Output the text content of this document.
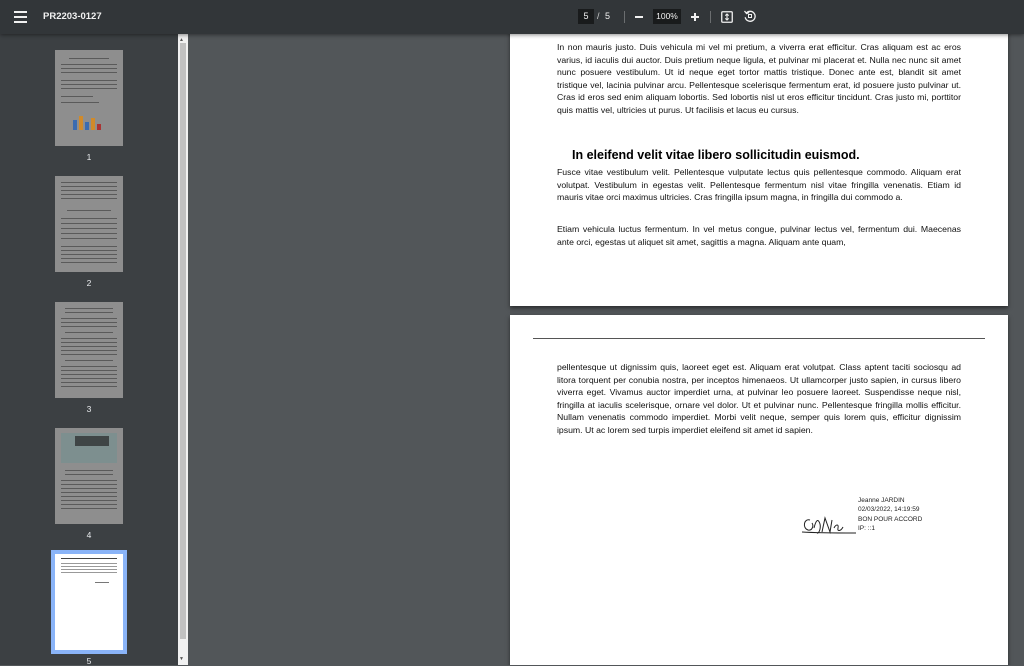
PR2203-0127	5 / 5	100%
1
2
3
4
5
▲
▼
In non mauris justo. Duis vehicula mi vel mi pretium, a viverra erat efficitur. Cras aliquam est ac eros varius, id iaculis dui auctor. Duis pretium neque ligula, et pulvinar mi placerat et. Nulla nec nunc sit amet nunc posuere vestibulum. Ut id neque eget tortor mattis tristique. Donec ante est, blandit sit amet tristique vel, lacinia pulvinar arcu. Pellentesque scelerisque fermentum erat, id posuere justo pulvinar ut. Cras id eros sed enim aliquam lobortis. Sed lobortis nisl ut eros efficitur tincidunt. Cras justo mi, porttitor quis mattis vel, ultricies ut purus. Ut facilisis et lacus eu cursus.
In eleifend velit vitae libero sollicitudin euismod.
Fusce vitae vestibulum velit. Pellentesque vulputate lectus quis pellentesque commodo. Aliquam erat volutpat. Vestibulum in egestas velit. Pellentesque fermentum nisl vitae fringilla venenatis. Etiam id mauris vitae orci maximus ultricies. Cras fringilla ipsum magna, in fringilla dui commodo a.
Etiam vehicula luctus fermentum. In vel metus congue, pulvinar lectus vel, fermentum dui. Maecenas ante orci, egestas ut aliquet sit amet, sagittis a magna. Aliquam ante quam,
pellentesque ut dignissim quis, laoreet eget est. Aliquam erat volutpat. Class aptent taciti sociosqu ad litora torquent per conubia nostra, per inceptos himenaeos. Ut ullamcorper justo sapien, in cursus libero viverra eget. Vivamus auctor imperdiet urna, at pulvinar leo posuere laoreet. Suspendisse neque nisl, fringilla at iaculis scelerisque, ornare vel dolor. Ut et pulvinar nunc. Pellentesque fringilla mollis efficitur. Nullam venenatis commodo imperdiet. Morbi velit neque, semper quis lorem quis, efficitur dignissim ipsum. Ut ac lorem sed turpis imperdiet eleifend sit amet id sapien.
Jeanne JARDIN
02/03/2022, 14:19:59
BON POUR ACCORD
IP: ::1
